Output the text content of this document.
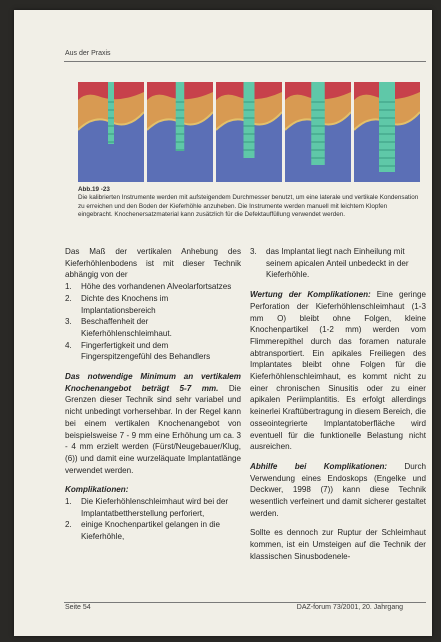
Aus der Praxis
Abb.19 -23
Die kalibrierten Instrumente werden mit aufsteigendem Durchmesser benutzt, um eine laterale und vertikale Kondensation zu erreichen und den Boden der Kieferhöhle anzuheben. Die Instrumente werden manuell mit leichtem Klopfen eingebracht. Knochenersatzmaterial kann zusätzlich für die Defektauffüllung verwendet werden.

Das Maß der vertikalen Anhebung des Kieferhöhlenbodens ist mit dieser Technik abhängig von der

1. Höhe des vorhandenen Alveolarfortsatzes
2. Dichte des Knochens im Implantationsbereich
3. Beschaffenheit der Kieferhöhlenschleimhaut.
4. Fingerfertigkeit und dem Fingerspitzengefühl des Behandlers

Das notwendige Minimum an vertikalem Knochenangebot beträgt 5-7 mm. Die Grenzen dieser Technik sind sehr variabel und nicht unbedingt vorhersehbar. In der Regel kann bei einem vertikalen Knochenangebot von beispielsweise 7 - 9 mm eine Erhöhung um ca. 3 - 4 mm erzielt werden (Fürst/Neugebauer/Klug, (6)) und damit eine wurzeläquate Implantatlänge verwendet werden.

Komplikationen:

1. Die Kieferhöhlenschleimhaut wird bei der Implantatbettherstellung perforiert,
2. einige Knochenpartikel gelangen in die Kieferhöhle,
3. das Implantat liegt nach Einheilung mit seinem apicalen Anteil unbedeckt in der Kieferhöhle.

Wertung der Komplikationen: Eine geringe Perforation der Kieferhöhlenschleimhaut (1-3 mm O) bleibt ohne Folgen, kleine Knochenpartikel (1-2 mm) werden vom Flimmerepithel durch das foramen naturale abtransportiert. Ein apikales Freiliegen des Implantates bleibt ohne Folgen für die Kieferhöhlenschleimhaut, es kommt nicht zu einer chronischen Sinusitis oder zu einer apikalen Periimplantitis. Es erfolgt allerdings keinerlei Kraftübertragung in diesem Bereich, die osseointegrierte Implantatoberfläche wird eventuell für die funktionelle Belastung nicht ausreichen.

Abhilfe bei Komplikationen: Durch Verwendung eines Endoskops (Engelke und Deckwer, 1998 (7)) kann diese Technik wesentlich verfeinert und damit sicherer gestaltet werden.

Sollte es dennoch zur Ruptur der Schleimhaut kommen, ist ein Umsteigen auf die Technik der klassischen Sinusbodenele-

Seite 54	DAZ-forum 73/2001, 20. Jahrgang
